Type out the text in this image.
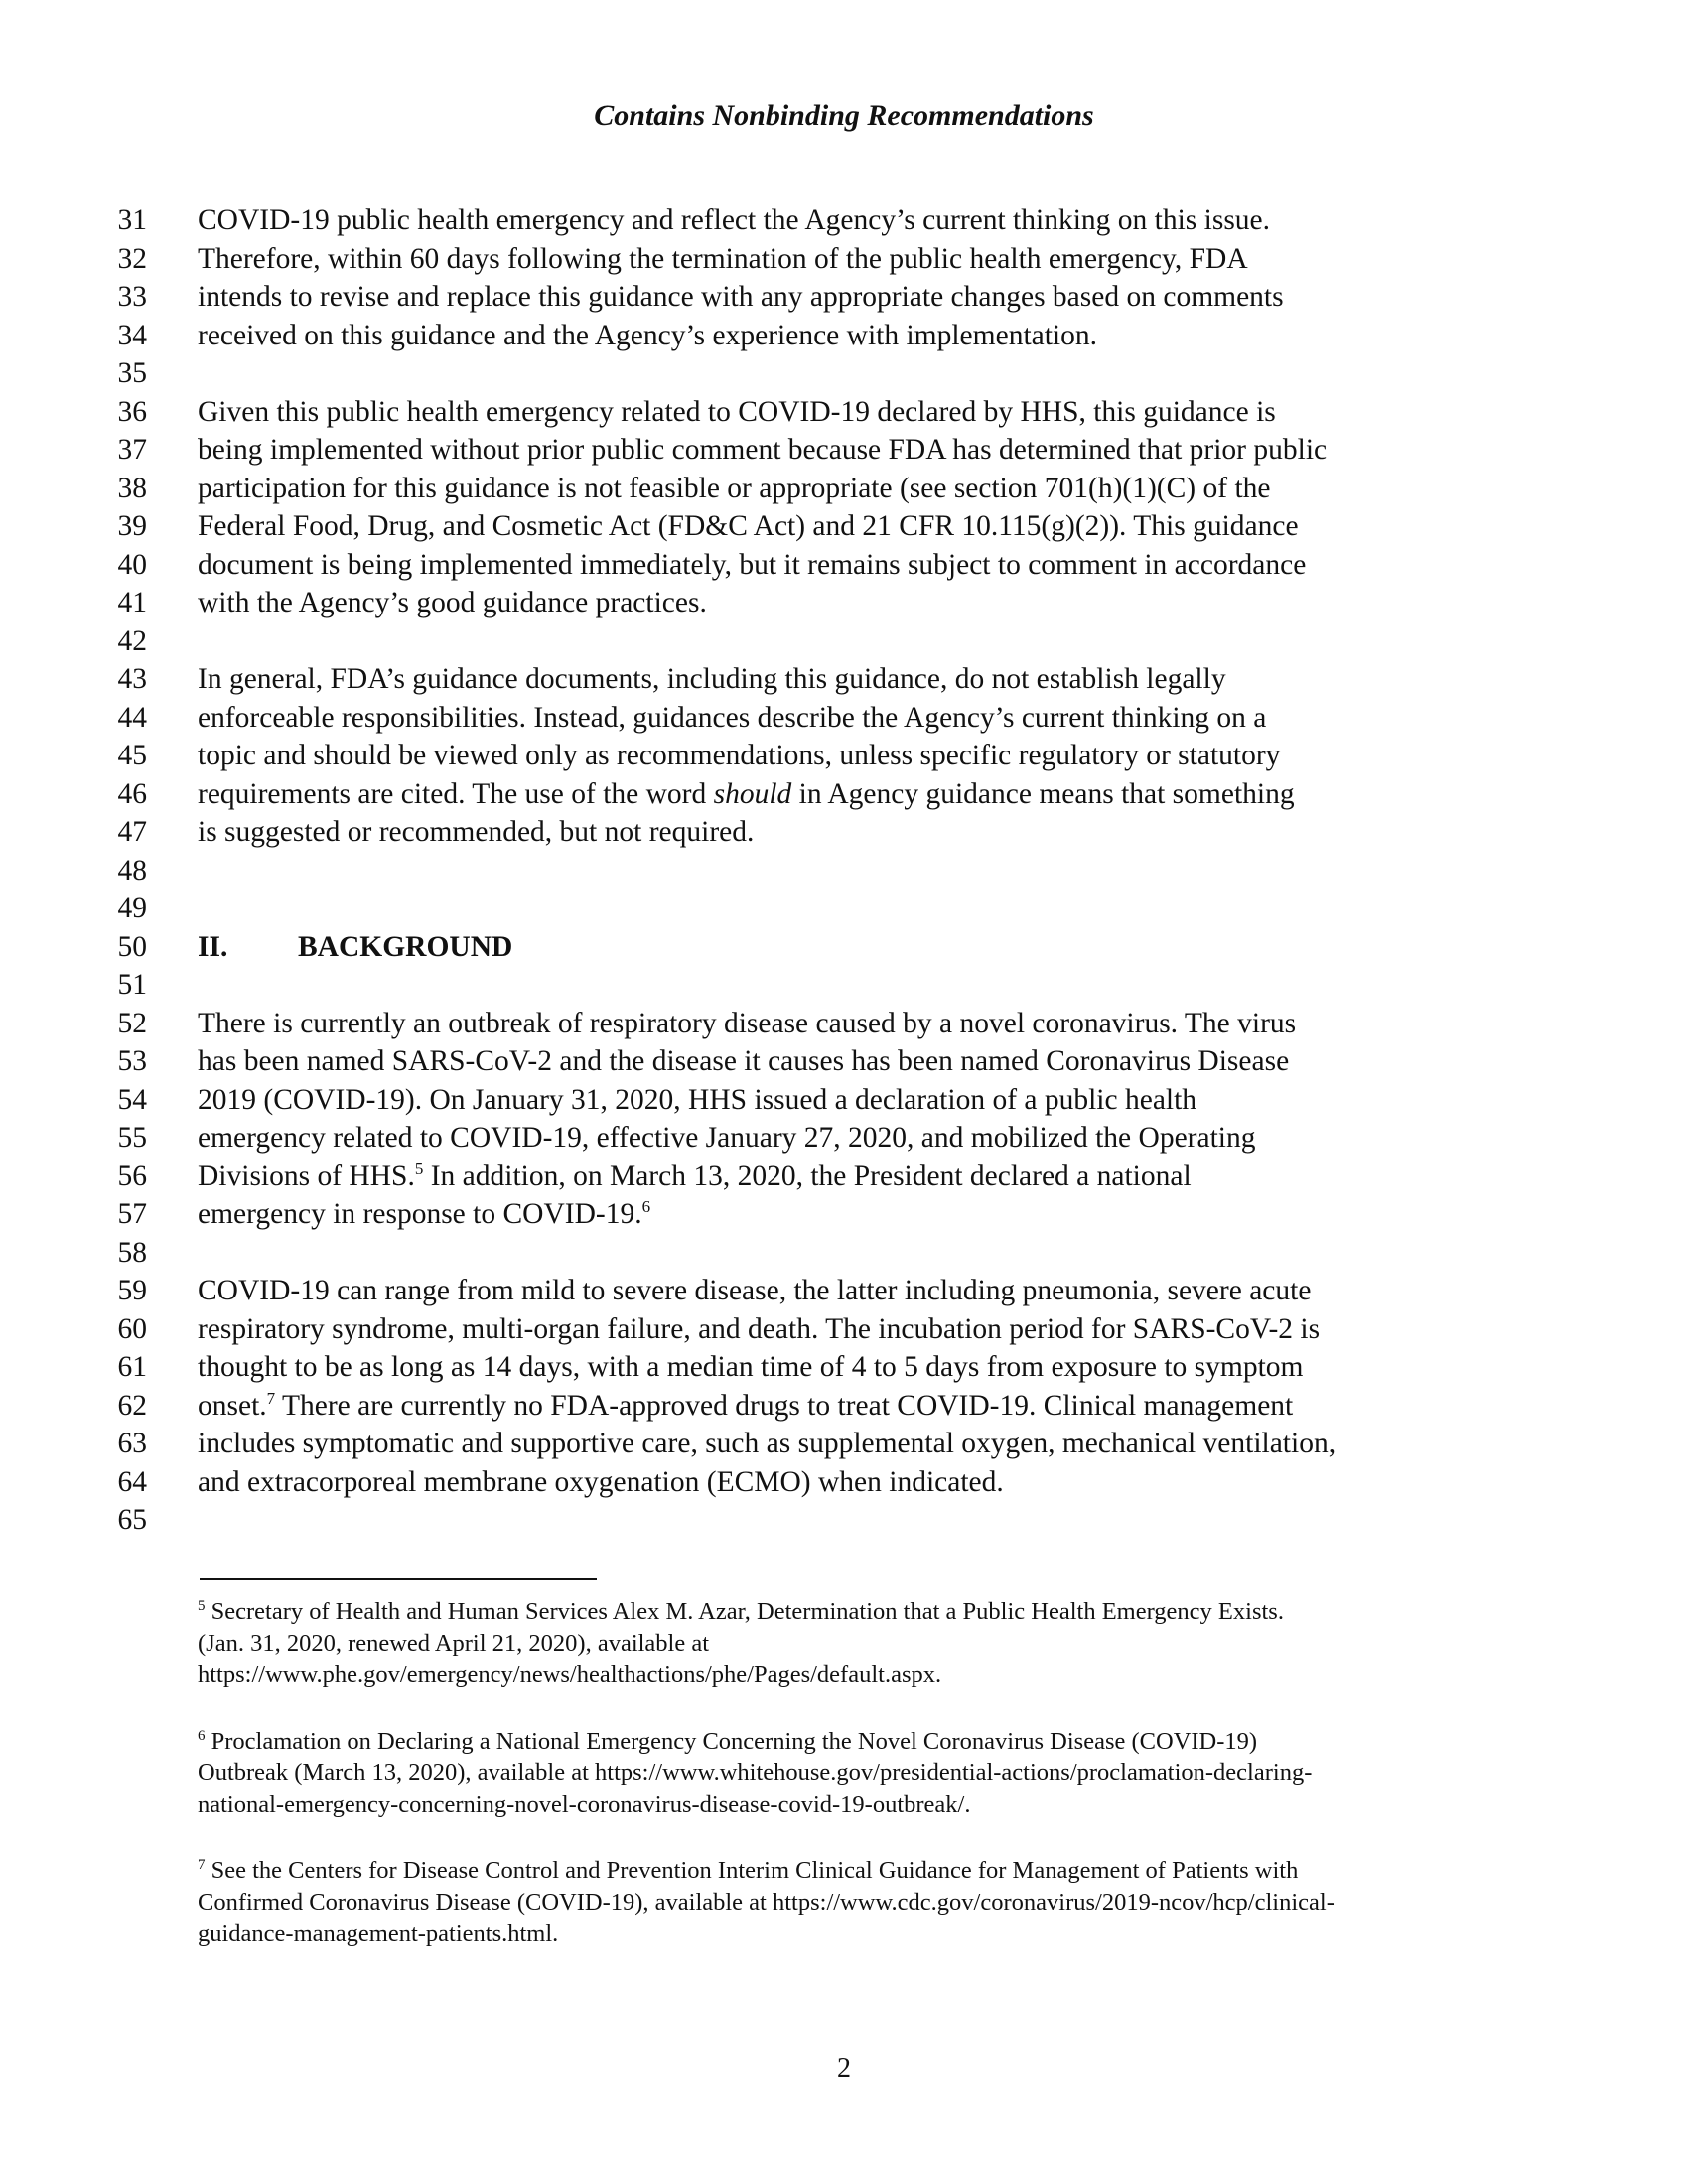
Contains Nonbinding Recommendations
31 COVID-19 public health emergency and reflect the Agency’s current thinking on this issue.
32 Therefore, within 60 days following the termination of the public health emergency, FDA
33 intends to revise and replace this guidance with any appropriate changes based on comments
34 received on this guidance and the Agency’s experience with implementation.
35
36 Given this public health emergency related to COVID-19 declared by HHS, this guidance is
37 being implemented without prior public comment because FDA has determined that prior public
38 participation for this guidance is not feasible or appropriate (see section 701(h)(1)(C) of the
39 Federal Food, Drug, and Cosmetic Act (FD&C Act) and 21 CFR 10.115(g)(2)). This guidance
40 document is being implemented immediately, but it remains subject to comment in accordance
41 with the Agency’s good guidance practices.
42
43 In general, FDA’s guidance documents, including this guidance, do not establish legally
44 enforceable responsibilities. Instead, guidances describe the Agency’s current thinking on a
45 topic and should be viewed only as recommendations, unless specific regulatory or statutory
46 requirements are cited. The use of the word should in Agency guidance means that something
47 is suggested or recommended, but not required.
48
49
50 II. BACKGROUND
51
52 There is currently an outbreak of respiratory disease caused by a novel coronavirus. The virus
53 has been named SARS-CoV-2 and the disease it causes has been named Coronavirus Disease
54 2019 (COVID-19). On January 31, 2020, HHS issued a declaration of a public health
55 emergency related to COVID-19, effective January 27, 2020, and mobilized the Operating
56 Divisions of HHS.$^5$ In addition, on March 13, 2020, the President declared a national
57 emergency in response to COVID-19.$^6$
58
59 COVID-19 can range from mild to severe disease, the latter including pneumonia, severe acute
60 respiratory syndrome, multi-organ failure, and death. The incubation period for SARS-CoV-2 is
61 thought to be as long as 14 days, with a median time of 4 to 5 days from exposure to symptom
62 onset.$^7$ There are currently no FDA-approved drugs to treat COVID-19. Clinical management
63 includes symptomatic and supportive care, such as supplemental oxygen, mechanical ventilation,
64 and extracorporeal membrane oxygenation (ECMO) when indicated.
65
$^5$ Secretary of Health and Human Services Alex M. Azar, Determination that a Public Health Emergency Exists.
(Jan. 31, 2020, renewed April 21, 2020), available at
https://www.phe.gov/emergency/news/healthactions/phe/Pages/default.aspx.
$^6$ Proclamation on Declaring a National Emergency Concerning the Novel Coronavirus Disease (COVID-19)
Outbreak (March 13, 2020), available at https://www.whitehouse.gov/presidential-actions/proclamation-declaring-
national-emergency-concerning-novel-coronavirus-disease-covid-19-outbreak/.
$^7$ See the Centers for Disease Control and Prevention Interim Clinical Guidance for Management of Patients with
Confirmed Coronavirus Disease (COVID-19), available at https://www.cdc.gov/coronavirus/2019-ncov/hcp/clinical-
guidance-management-patients.html.
2
